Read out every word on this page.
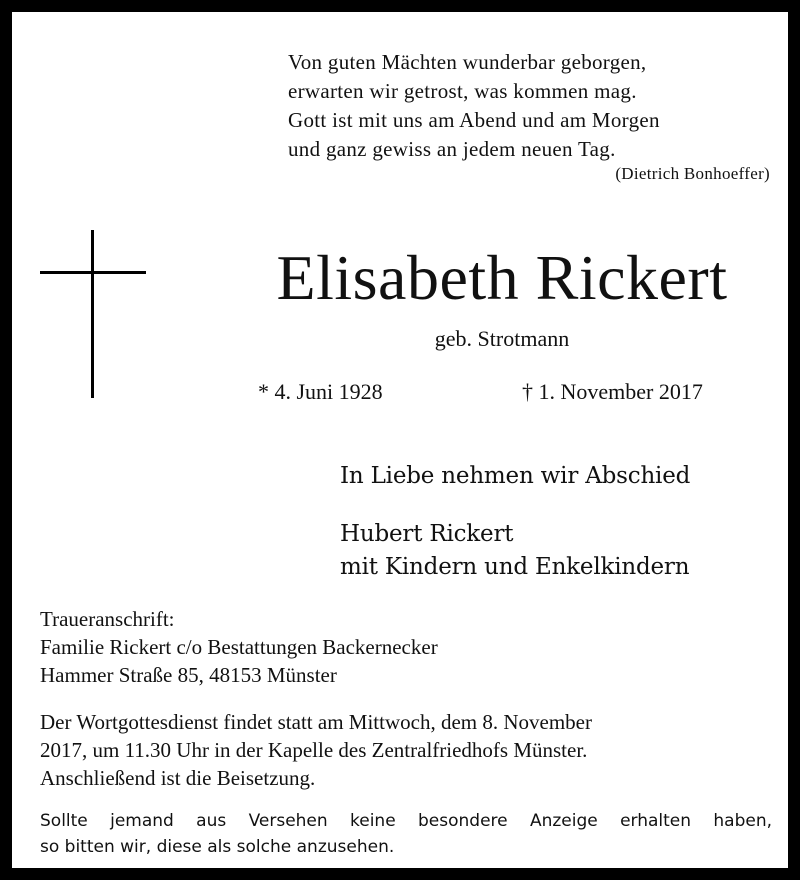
Von guten Mächten wunderbar geborgen,
erwarten wir getrost, was kommen mag.
Gott ist mit uns am Abend und am Morgen
und ganz gewiss an jedem neuen Tag.
(Dietrich Bonhoeffer)
Elisabeth Rickert
geb. Strotmann
* 4. Juni 1928	† 1. November 2017
In Liebe nehmen wir Abschied
Hubert Rickert
mit Kindern und Enkelkindern
Traueranschrift:
Familie Rickert c/o Bestattungen Backernecker
Hammer Straße 85, 48153 Münster
Der Wortgottesdienst findet statt am Mittwoch, dem 8. November
2017, um 11.30 Uhr in der Kapelle des Zentralfriedhofs Münster.
Anschließend ist die Beisetzung.
Sollte jemand aus Versehen keine besondere Anzeige erhalten haben,
so bitten wir, diese als solche anzusehen.
